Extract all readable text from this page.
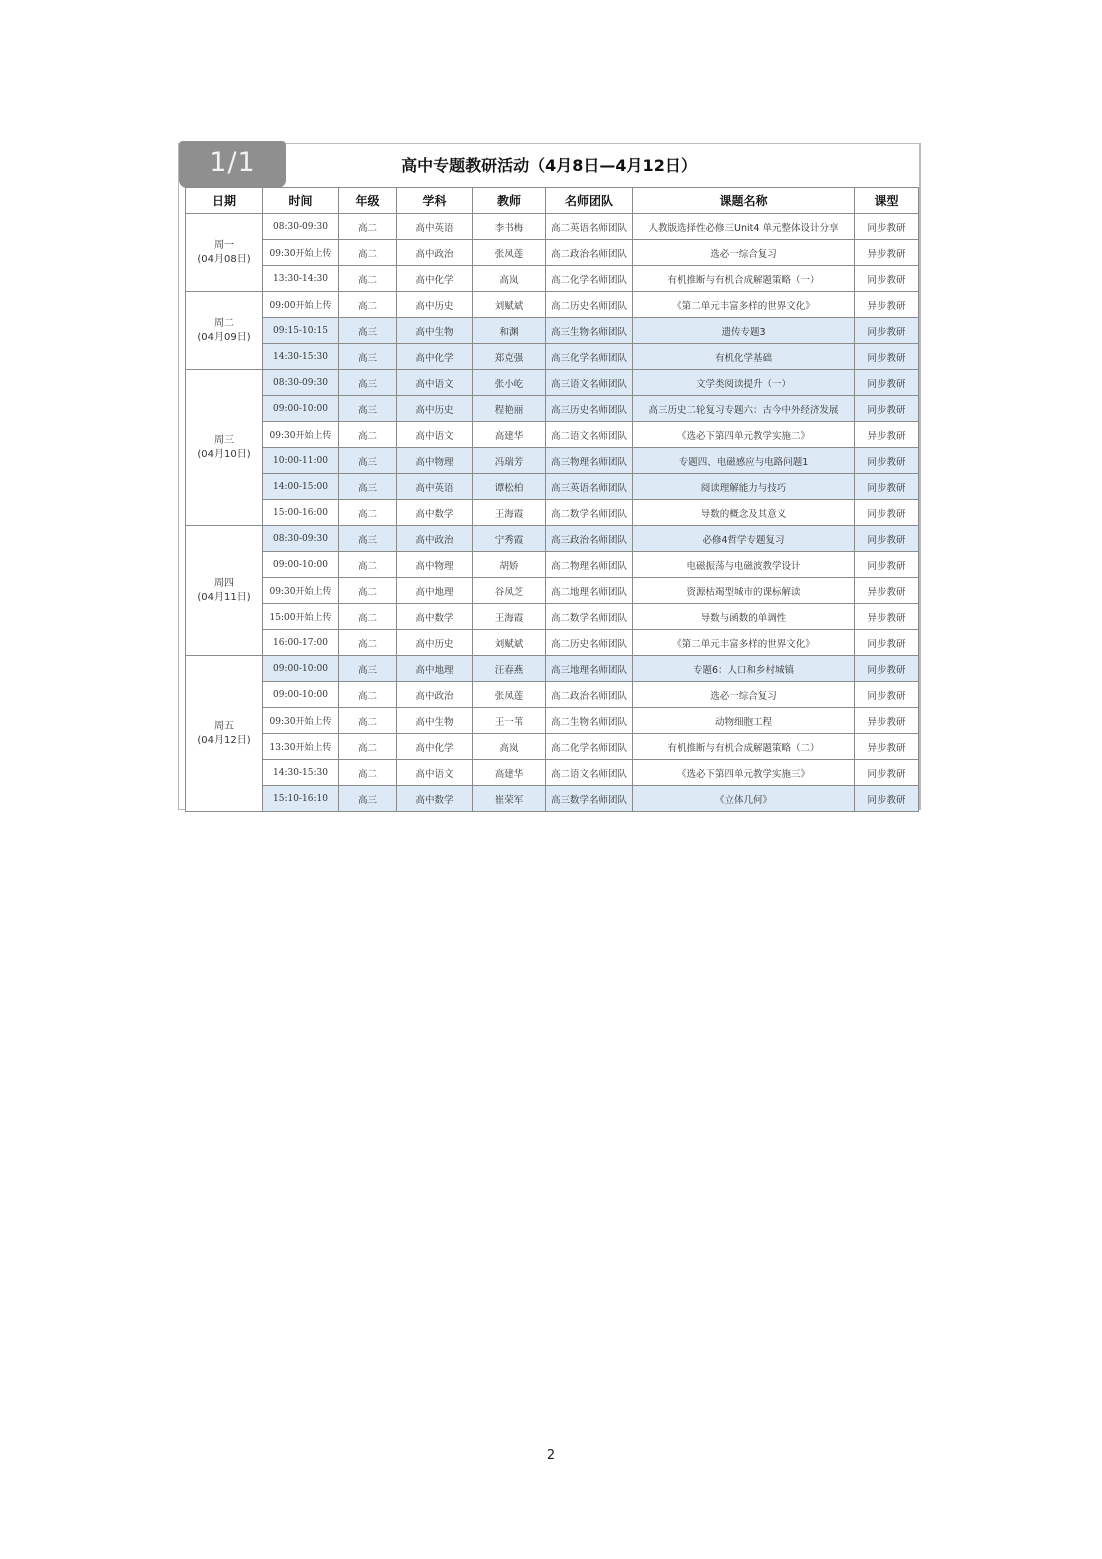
1/1	高中专题教研活动（4月8日—4月12日）
日期	时间	年级	学科	教师	名师团队	课题名称	课型

周一
(04月08日)	08:30-09:30	高二	高中英语	李书梅	高二英语名师团队	人教版选择性必修三Unit4 单元整体设计分享	同步教研
	09:30开始上传	高二	高中政治	张凤莲	高二政治名师团队	选必一综合复习	异步教研
	13:30-14:30	高二	高中化学	高岚	高二化学名师团队	有机推断与有机合成解题策略（一）	同步教研

周二
(04月09日)	09:00开始上传	高二	高中历史	刘赋斌	高二历史名师团队	《第二单元丰富多样的世界文化》	异步教研
	09:15-10:15	高三	高中生物	和渊	高三生物名师团队	遗传专题3	同步教研
	14:30-15:30	高三	高中化学	郑克强	高三化学名师团队	有机化学基础	同步教研

周三
(04月10日)	08:30-09:30	高三	高中语文	张小屹	高三语文名师团队	文学类阅读提升（一）	同步教研
	09:00-10:00	高三	高中历史	程艳丽	高三历史名师团队	高三历史二轮复习专题六：古今中外经济发展	同步教研
	09:30开始上传	高二	高中语文	高建华	高二语文名师团队	《选必下第四单元教学实施二》	异步教研
	10:00-11:00	高三	高中物理	冯瑞芳	高三物理名师团队	专题四、电磁感应与电路问题1	同步教研
	14:00-15:00	高三	高中英语	谭松柏	高三英语名师团队	阅读理解能力与技巧	同步教研
	15:00-16:00	高二	高中数学	王海霞	高二数学名师团队	导数的概念及其意义	同步教研

周四
(04月11日)	08:30-09:30	高三	高中政治	宁秀霞	高三政治名师团队	必修4哲学专题复习	同步教研
	09:00-10:00	高二	高中物理	胡娇	高二物理名师团队	电磁振荡与电磁波教学设计	同步教研
	09:30开始上传	高二	高中地理	谷凤芝	高二地理名师团队	资源枯竭型城市的课标解读	异步教研
	15:00开始上传	高二	高中数学	王海霞	高二数学名师团队	导数与函数的单调性	异步教研
	16:00-17:00	高二	高中历史	刘赋斌	高二历史名师团队	《第二单元丰富多样的世界文化》	同步教研

周五
(04月12日)	09:00-10:00	高三	高中地理	汪春燕	高三地理名师团队	专题6：人口和乡村城镇	同步教研
	09:00-10:00	高二	高中政治	张凤莲	高二政治名师团队	选必一综合复习	同步教研
	09:30开始上传	高二	高中生物	王一苇	高二生物名师团队	动物细胞工程	异步教研
	13:30开始上传	高二	高中化学	高岚	高二化学名师团队	有机推断与有机合成解题策略（二）	异步教研
	14:30-15:30	高二	高中语文	高建华	高二语文名师团队	《选必下第四单元教学实施三》	同步教研
	15:10-16:10	高三	高中数学	崔荣军	高三数学名师团队	《立体几何》	同步教研
2
